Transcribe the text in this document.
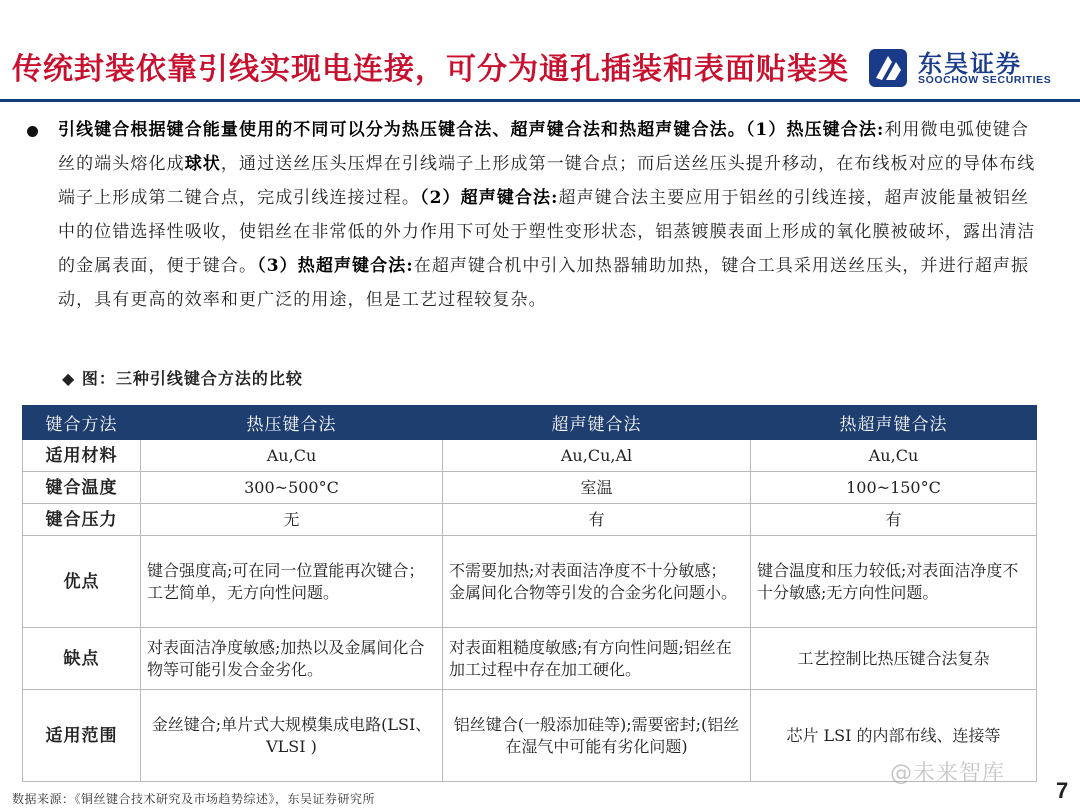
传统封装依靠引线实现电连接，可分为通孔插装和表面贴装类	东吴证券
SOOCHOW SECURITIES

引线键合根据键合能量使用的不同可以分为热压键合法、超声键合法和热超声键合法。（1）热压键合法:利用微电弧使键合丝的端头熔化成球状，通过送丝压头压焊在引线端子上形成第一键合点；而后送丝压头提升移动，在布线板对应的导体布线端子上形成第二键合点，完成引线连接过程。（2）超声键合法:超声键合法主要应用于铝丝的引线连接，超声波能量被铝丝中的位错选择性吸收，使铝丝在非常低的外力作用下可处于塑性变形状态，铝蒸镀膜表面上形成的氧化膜被破坏，露出清洁的金属表面，便于键合。（3）热超声键合法:在超声键合机中引入加热器辅助加热，键合工具采用送丝压头，并进行超声振动，具有更高的效率和更广泛的用途，但是工艺过程较复杂。

◆ 图：三种引线键合方法的比较
键合方法	热压键合法	超声键合法	热超声键合法
适用材料	Au,Cu	Au,Cu,Al	Au,Cu
键合温度	300~500°C	室温	100~150°C
键合压力	无	有	有
优点	键合强度高;可在同一位置能再次键合； 工艺简单，无方向性问题。	不需要加热;对表面洁净度不十分敏感； 金属间化合物等引发的合金劣化问题小。	键合温度和压力较低;对表面洁净度不十分敏感;无方向性问题。
缺点	对表面洁净度敏感;加热以及金属间化合物等可能引发合金劣化。	对表面粗糙度敏感;有方向性问题;铝丝在加工过程中存在加工硬化。	工艺控制比热压键合法复杂
适用范围	金丝键合;单片式大规模集成电路(LSI、VLSI )	铝丝键合(一般添加硅等);需要密封;(铝丝在湿气中可能有劣化问题)	芯片 LSI 的内部布线、连接等
数据来源：《铜丝键合技术研究及市场趋势综述》，东吴证券研究所
@未来智库
7
